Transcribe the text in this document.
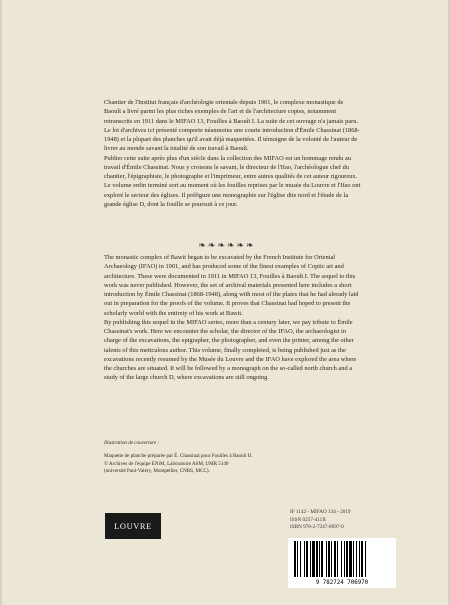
Chantier de l'Institut français d'archéologie orientale depuis 1901, le complexe monastique de Baouît a livré parmi les plus riches exemples de l'art et de l'architecture coptes, notamment retranscrits en 1911 dans le MIFAO 13, Fouilles à Baouît I. La suite de cet ouvrage n'a jamais paru. Le lot d'archives ici présenté comporte néanmoins une courte introduction d'Émile Chassinat (1868-1948) et la plupart des planches qu'il avait déjà maquettées. Il témoigne de la volonté de l'auteur de livrer au monde savant la totalité de son travail à Baouît.

Publier cette suite après plus d'un siècle dans la collection des MIFAO est un hommage rendu au travail d'Émile Chassinat. Nous y croisons le savant, le directeur de l'Ifao, l'archéologue chef du chantier, l'épigraphiste, le photographe et l'imprimeur, entre autres qualités de cet auteur rigoureux. Le volume enfin terminé sort au moment où les fouilles reprises par le musée du Louvre et l'Ifao ont exploré le secteur des églises. Il préfigure une monographie sur l'église dite nord et l'étude de la grande église D, dont la fouille se poursuit à ce jour.

❧❧❧❧❧❧

The monastic complex of Bawit began to be excavated by the French Institute for Oriental Archaeology (IFAO) in 1901, and has produced some of the finest examples of Coptic art and architecture. These were documented in 1911 in MIFAO 13, Fouilles à Baouît I. The sequel to this work was never published. However, the set of archival materials presented here includes a short introduction by Émile Chassinat (1868-1948), along with most of the plates that he had already laid out in preparation for the proofs of the volume. It proves that Chassinat had hoped to present the scholarly world with the entirety of his work at Bawit.

By publishing this sequel in the MIFAO series, more than a century later, we pay tribute to Émile Chassinat's work. Here we encounter the scholar, the director of the IFAO, the archaeologist in charge of the excavations, the epigrapher, the photographer, and even the printer, among the other talents of this meticulous author. This volume, finally completed, is being published just as the excavations recently resumed by the Musée du Louvre and the IFAO have explored the area where the churches are situated. It will be followed by a monograph on the so-called north church and a study of the large church D, where excavations are still ongoing.

Illustration de couverture :
Maquette de planche préparée par É. Chassinat pour Fouilles à Baouît II.
© Archives de l'équipe ENiM, Laboratoire ASM, UMR 5140
(université Paul-Valéry, Montpellier, CNRS, MCC).
LOUVRE
IF 1142 - MIFAO 134 - 2019
ISSN 0257-411X
ISBN 978-2-7247-0697-0
9 782724 706970
